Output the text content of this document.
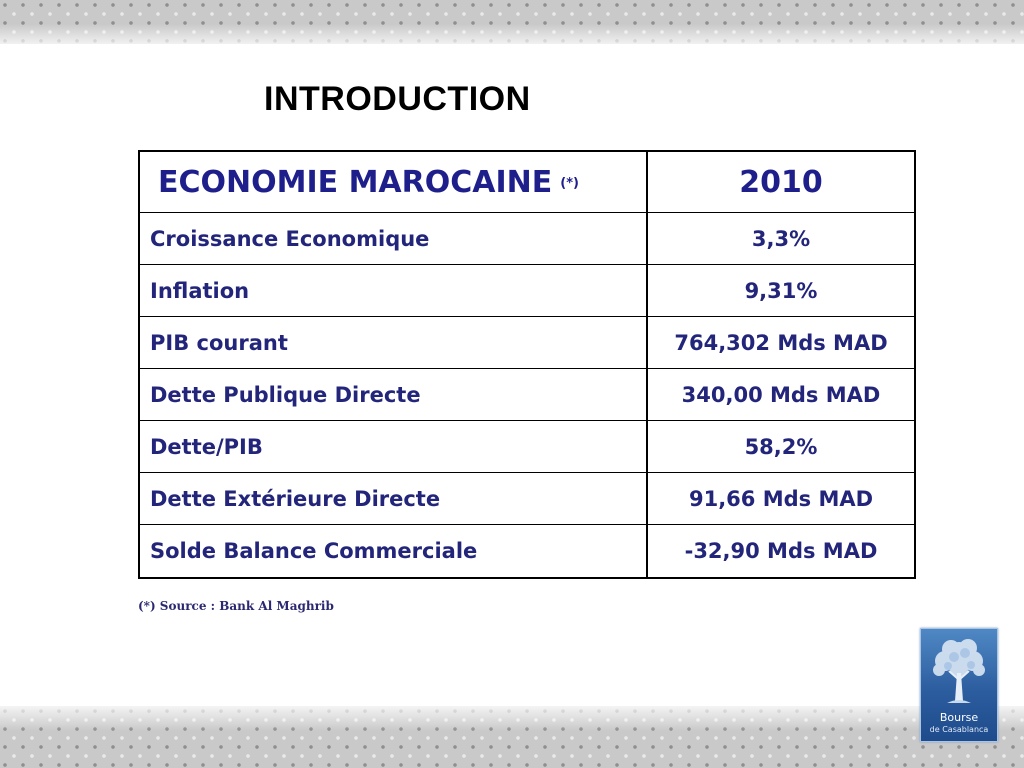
INTRODUCTION
ECONOMIE MAROCAINE (*)	2010
Croissance Economique	3,3%
Inflation	9,31%
PIB courant	764,302 Mds MAD
Dette Publique Directe	340,00 Mds MAD
Dette/PIB	58,2%
Dette Extérieure Directe	91,66 Mds MAD
Solde Balance Commerciale	-32,90 Mds MAD

(*) Source : Bank Al Maghrib

Bourse
de Casablanca
